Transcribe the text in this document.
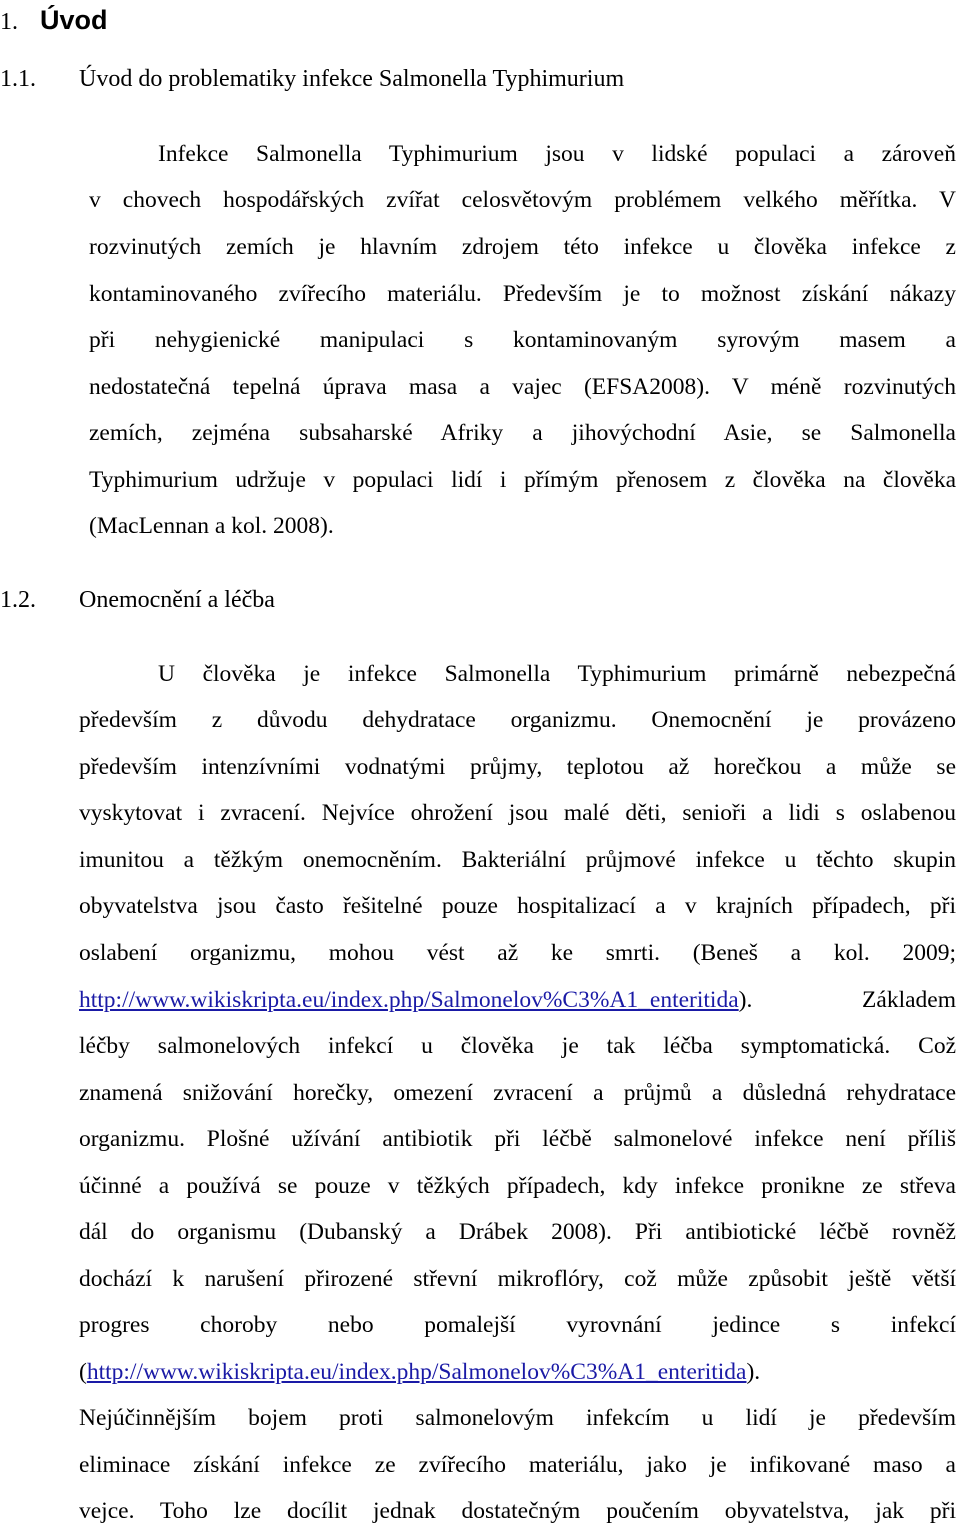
1. Úvod
1.1. Úvod do problematiky infekce Salmonella Typhimurium
Infekce Salmonella Typhimurium jsou v lidské populaci a zároveň
v chovech hospodářských zvířat celosvětovým problémem velkého měřítka. V
rozvinutých zemích je hlavním zdrojem této infekce u člověka infekce z
kontaminovaného zvířecího materiálu. Především je to možnost získání nákazy
při nehygienické manipulaci s kontaminovaným syrovým masem a
nedostatečná tepelná úprava masa a vajec (EFSA2008). V méně rozvinutých
zemích, zejména subsaharské Afriky a jihovýchodní Asie, se Salmonella
Typhimurium udržuje v populaci lidí i přímým přenosem z člověka na člověka
(MacLennan a kol. 2008).
1.2. Onemocnění a léčba
U člověka je infekce Salmonella Typhimurium primárně nebezpečná
především z důvodu dehydratace organizmu. Onemocnění je provázeno
především intenzívními vodnatými průjmy, teplotou až horečkou a může se
vyskytovat i zvracení. Nejvíce ohrožení jsou malé děti, senioři a lidi s oslabenou
imunitou a těžkým onemocněním. Bakteriální průjmové infekce u těchto skupin
obyvatelstva jsou často řešitelné pouze hospitalizací a v krajních případech, při
oslabení organizmu, mohou vést až ke smrti. (Beneš a kol. 2009;
http://www.wikiskripta.eu/index.php/Salmonelov%C3%A1_enteritida).	Základem
léčby salmonelových infekcí u člověka je tak léčba symptomatická. Což
znamená snižování horečky, omezení zvracení a průjmů a důsledná rehydratace
organizmu. Plošné užívání antibiotik při léčbě salmonelové infekce není příliš
účinné a používá se pouze v těžkých případech, kdy infekce pronikne ze střeva
dál do organismu (Dubanský a Drábek 2008). Při antibiotické léčbě rovněž
dochází k narušení přirozené střevní mikroflóry, což může způsobit ještě větší
progres choroby nebo pomalejší vyrovnání jedince s infekcí
(http://www.wikiskripta.eu/index.php/Salmonelov%C3%A1_enteritida).
Nejúčinnějším bojem proti salmonelovým infekcím u lidí je především
eliminace získání infekce ze zvířecího materiálu, jako je infikované maso a
vejce. Toho lze docílit jednak dostatečným poučením obyvatelstva, jak při
